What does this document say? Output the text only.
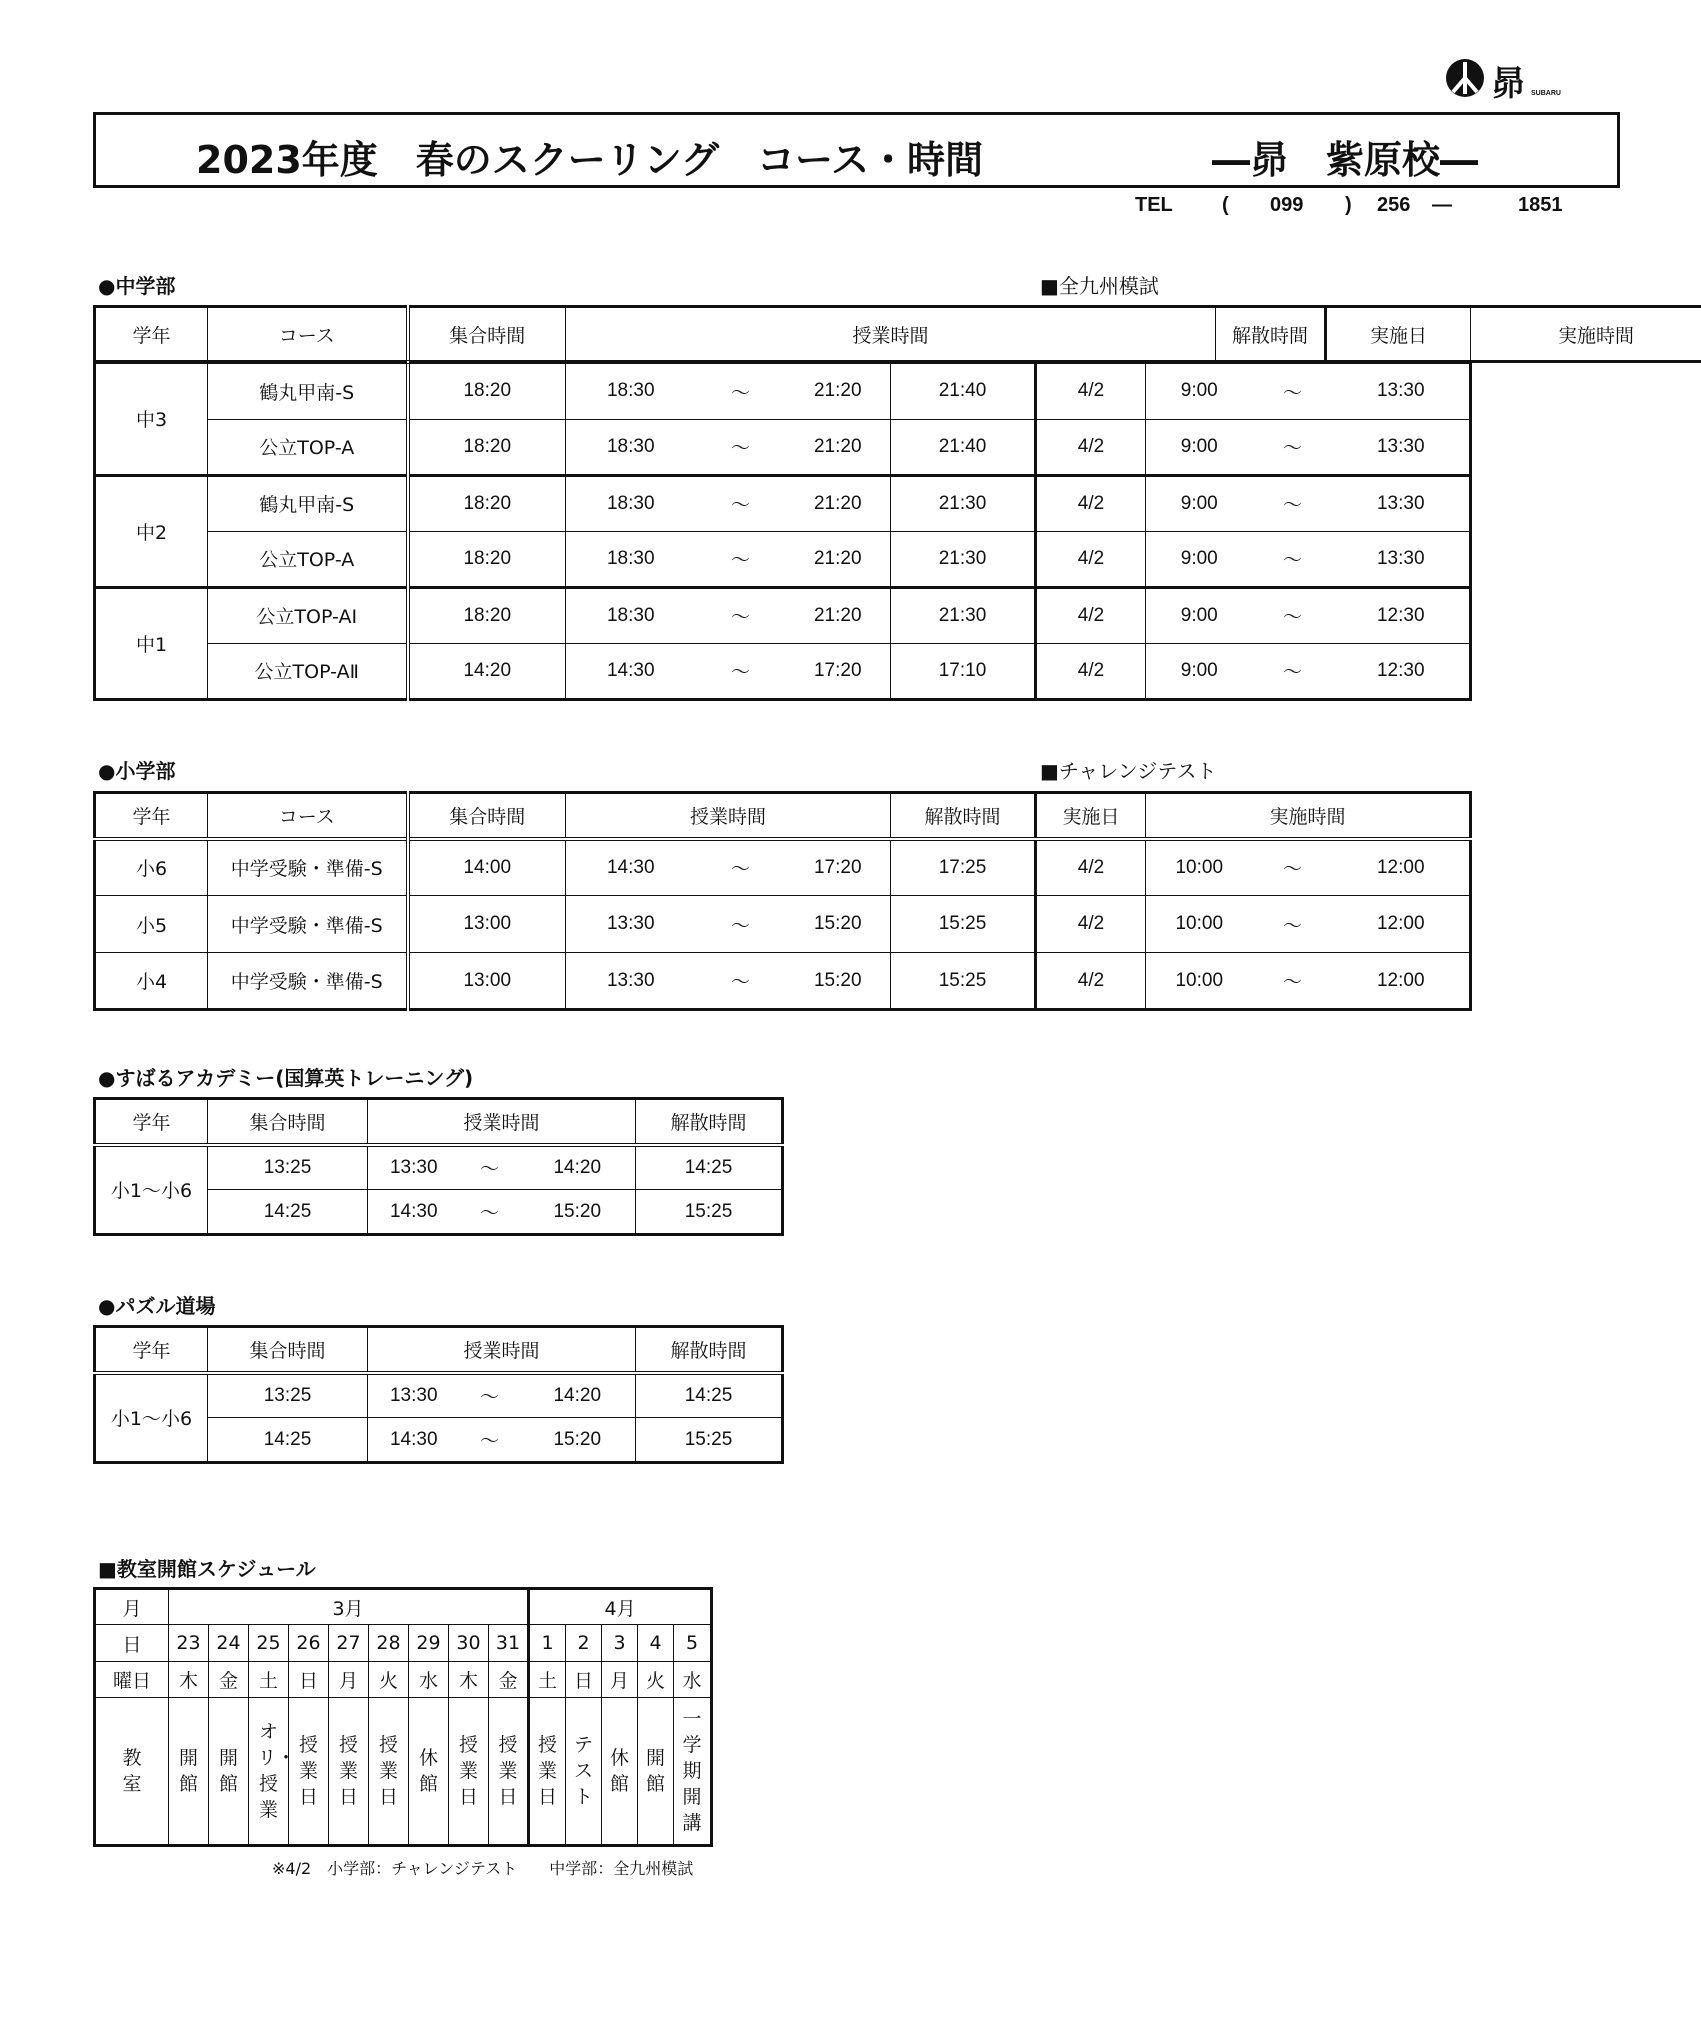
昴 SUBARU
2023年度　春のスクーリング　コース・時間	―昴　紫原校―
TEL ( 099 ) 256 ―	1851
●中学部	■全九州模試
学年	コース	集合時間	授業時間	解散時間	実施日	実施時間
中3	鶴丸甲南-S	18:20	18:30	～	21:20	21:40	4/2	9:00	～	13:30
	公立TOP-A	18:20	18:30	～	21:20	21:40	4/2	9:00	～	13:30
中2	鶴丸甲南-S	18:20	18:30	～	21:20	21:30	4/2	9:00	～	13:30
	公立TOP-A	18:20	18:30	～	21:20	21:30	4/2	9:00	～	13:30
中1	公立TOP-AⅠ	18:20	18:30	～	21:20	21:30	4/2	9:00	～	12:30
	公立TOP-AⅡ	14:20	14:30	～	17:20	17:10	4/2	9:00	～	12:30
●小学部	■チャレンジテスト
学年	コース	集合時間	授業時間			解散時間	実施日	実施時間		
小6	中学受験・準備-S	14:00	14:30	～	17:20	17:25	4/2	10:00	～	12:00
小5	中学受験・準備-S	13:00	13:30	～	15:20	15:25	4/2	10:00	～	12:00
小4	中学受験・準備-S	13:00	13:30	～	15:20	15:25	4/2	10:00	～	12:00
●すばるアカデミー(国算英トレーニング)
学年	集合時間	授業時間			解散時間
小1～小6	13:25	13:30	～	14:20	14:25
	14:25	14:30	～	15:20	15:25
●パズル道場
学年	集合時間	授業時間			解散時間
小1～小6	13:25	13:30	～	14:20	14:25
	14:25	14:30	～	15:20	15:25
■教室開館スケジュール
月	3月									4月				
日	23	24	25	26	27	28	29	30	31	1	2	3	4	5
曜日	木	金	土	日	月	火	水	木	金	土	日	月	火	水
教室	開館	開館	オリ・授業	授業日	授業日	授業日	休館	授業日	授業日	授業日	テスト	休館	開館	一学期開講
※4/2　小学部：チャレンジテスト　　中学部：全九州模試
